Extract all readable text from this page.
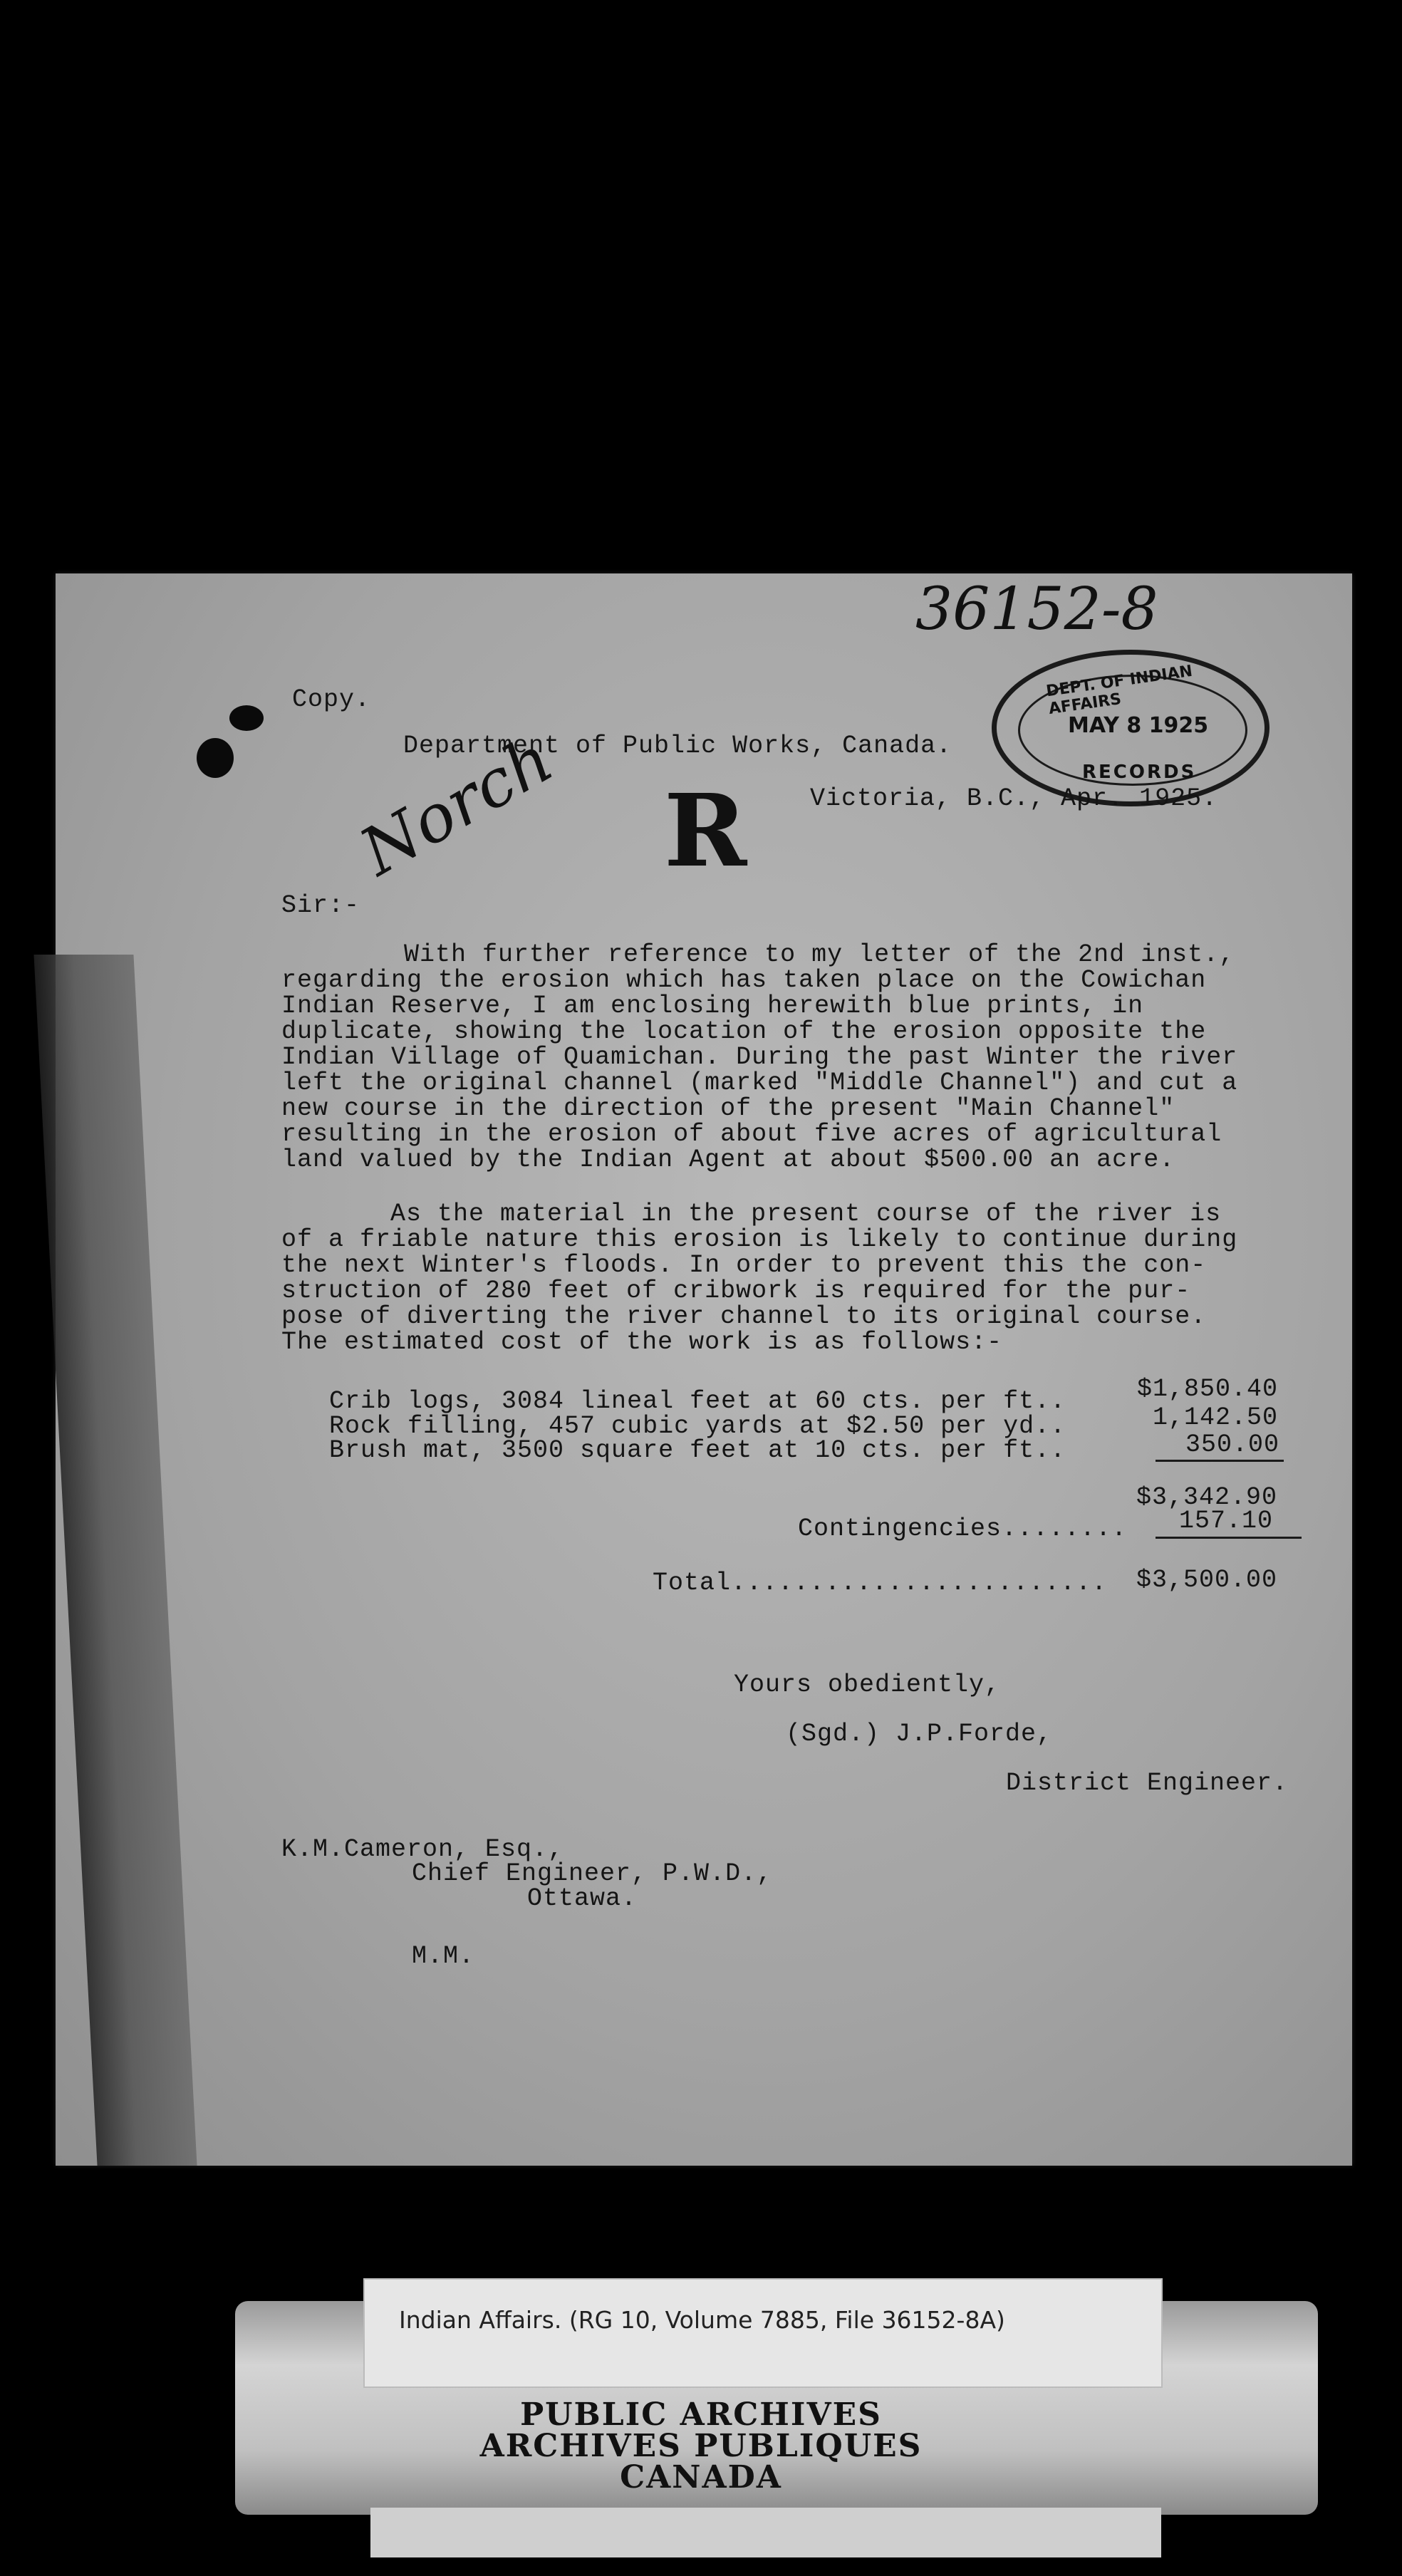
36152-8
DEPT. OF INDIAN AFFAIRS
MAY 8 1925
RECORDS
R
Norch
Copy.
Department of Public Works, Canada.
Victoria, B.C., Apr. 1925.
Sir:-
With further reference to my letter of the 2nd inst.,
regarding the erosion which has taken place on the Cowichan
Indian Reserve, I am enclosing herewith blue prints, in
duplicate, showing the location of the erosion opposite the
Indian Village of Quamichan. During the past Winter the river
left the original channel (marked "Middle Channel") and cut a
new course in the direction of the present "Main Channel"
resulting in the erosion of about five acres of agricultural
land valued by the Indian Agent at about $500.00 an acre.
As the material in the present course of the river is
of a friable nature this erosion is likely to continue during
the next Winter's floods. In order to prevent this the con-
struction of 280 feet of cribwork is required for the pur-
pose of diverting the river channel to its original course.
The estimated cost of the work is as follows:-
Crib logs, 3084 lineal feet at 60 cts. per ft..	$1,850.40
Rock filling, 457 cubic yards at $2.50 per yd..	1,142.50
Brush mat, 3500 square feet at 10 cts. per ft..	350.00
$3,342.90
Contingencies........ 157.10
Total........................ $3,500.00
Yours obediently,
(Sgd.) J.P.Forde,
District Engineer.
K.M.Cameron, Esq.,
Chief Engineer, P.W.D.,
Ottawa.
M.M.
Indian Affairs. (RG 10, Volume 7885, File 36152-8A)
PUBLIC ARCHIVES
ARCHIVES PUBLIQUES
CANADA
